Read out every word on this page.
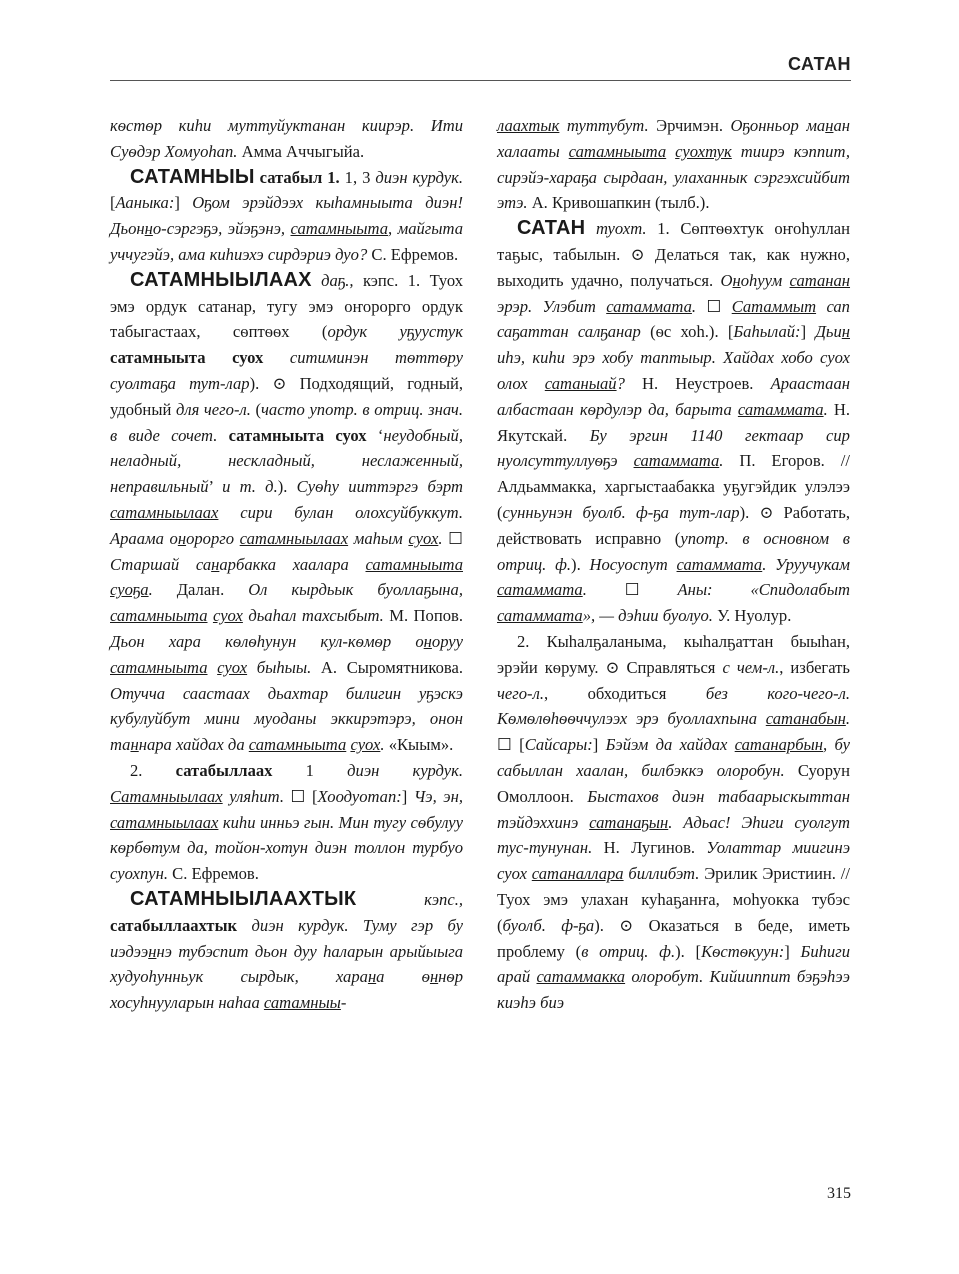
САТАН

кѳстѳр киһи муттуйуктанан киирэр. Ити Суѳдэр Хомуоһап. Амма Аччыгыйа.

САТАМНЫЫ сатабыл 1. 1, 3 диэн курдук. [Ааныка:] Оҕом эрэйдээх кыһамныыта диэн! Дьонно-сэргэҕэ, эйэҕэнэ, сатамныыта, майгыта уччугэйэ, ама киһиэхэ сирдэриэ дуо? С. Ефремов.

САТАМНЫЫЛААХ даҕ., кэпс. 1. Туох эмэ ордук сатанар, тугу эмэ оҥорорго ордук табыгастаах, сѳптѳѳх (ордук уҕуустук сатамныыта суох ситиминэн тѳттѳру суолтаҕа тут-лар). ⊙ Подходящий, годный, удобный для чего-л. (часто употр. в отриц. знач. в виде сочет. сатамныыта суох ‘неудобный, неладный, нескладный, неслаженный, неправильный’ и т. д.). Суѳһу ииттэргэ бэрт сатамныылаах сири булан олохсуйбуккут. Араама онорорго сатамныылаах маһым суох. ☐ Старшай санарбакка хаалара сатамныыта суоҕа. Далан. Ол кырдьык буоллаҕына, сатамныыта суох дьаһал тахсыбыт. М. Попов. Дьон хара кѳлѳһунун кул-кѳмѳр оноруу сатамныыта суох быһыы. А. Сыромятникова. Отучча саастаах дьахтар билигин уҕэскэ кубулуйбут мини муоданы эккирэтэрэ, онон таннара хайдах да сатамныыта суох. «Кыым».

2. сатабыллаах 1 диэн курдук. Сатамныылаах уляһит. ☐ [Хоодуотап:] Чэ, эн, сатамныылаах киһи инньэ гын. Мин тугу сѳбулуу кѳрбѳтум да, тойон-хотун диэн толлон турбуо суохпун. С. Ефремов.

САТАМНЫЫЛААХТЫК	кэпс., сатабыллаахтык диэн курдук. Туму гэр бу иэдээннэ тубэспит дьон дуу һаларын арыйыыга худуоһунньук сырдык, харана ѳннѳр хосуһнууларын наһаа сатамныы-

лаахтык туттубут. Эрчимэн. Оҕонньор манан халааты сатамныыта суохтук тиирэ кэппит, сирэйэ-хараҕа сырдаан, улаханнык сэргэхсийбит этэ. А. Кривошапкин (тылб.).

САТАН туохт. 1. Сѳптѳѳхтук оҥоһуллан таҕыс, табылын. ⊙ Делаться так, как нужно, выходить удачно, получаться. Оноһуум сатанан эрэр. Улэбит сатаммата. ☐ Сатаммыт сап саҕаттан салҕанар (ѳс хоһ.). [Баһылай:] Дьин иһэ, киһи эрэ хобу таптыыр. Хайдах хобо суох олох сатаныай? Н. Неустроев. Араастаан албастаан кѳрдулэр да, барыта сатаммата. Н. Якутскай. Бу эргин 1140 гектаар сир нуолсуттуллуѳҕэ сатаммата. П. Егоров. // Алдьаммакка, харгыстаабакка уҕугэйдик улэлээ (сунньунэн буолб. ф-ҕа тут-лар). ⊙ Работать, действовать исправно (употр. в основном в отриц. ф.). Носуоспут сатаммата. Уруучукам сатаммата. ☐ Аны: «Спидолабыт сатаммата», — дэһии буолуо. У. Нуолур.

2. Кыһалҕаланыма, кыһалҕаттан быыһан, эрэйи кѳруму. ⊙ Справляться с чем-л., избегать чего-л., обходиться без кого-чего-л. Кѳмѳлѳһѳѳччулээх эрэ буоллахпына сатанабын. ☐ [Сайсары:] Бэйэм да хайдах сатанарбын, бу сабыллан хаалан, билбэккэ олоробун. Суорун Омоллоон. Быстахов диэн табаарыскыттан тэйдэххинэ сатанаҕын. Адьас! Эһиги суолгут тус-тунунан. Н. Лугинов. Уолаттар миигинэ суох сатаналлара биллибэт. Эрилик Эристиин. // Туох эмэ улахан куһаҕанҥа, моһуокка тубэс (буолб. ф-ҕа). ⊙ Оказаться в беде, иметь проблему (в отриц. ф.). [Кѳстѳкуун:] Биһиги арай сатаммакка олоробут. Кийииппит бэҕэһээ киэһэ биэ

315
